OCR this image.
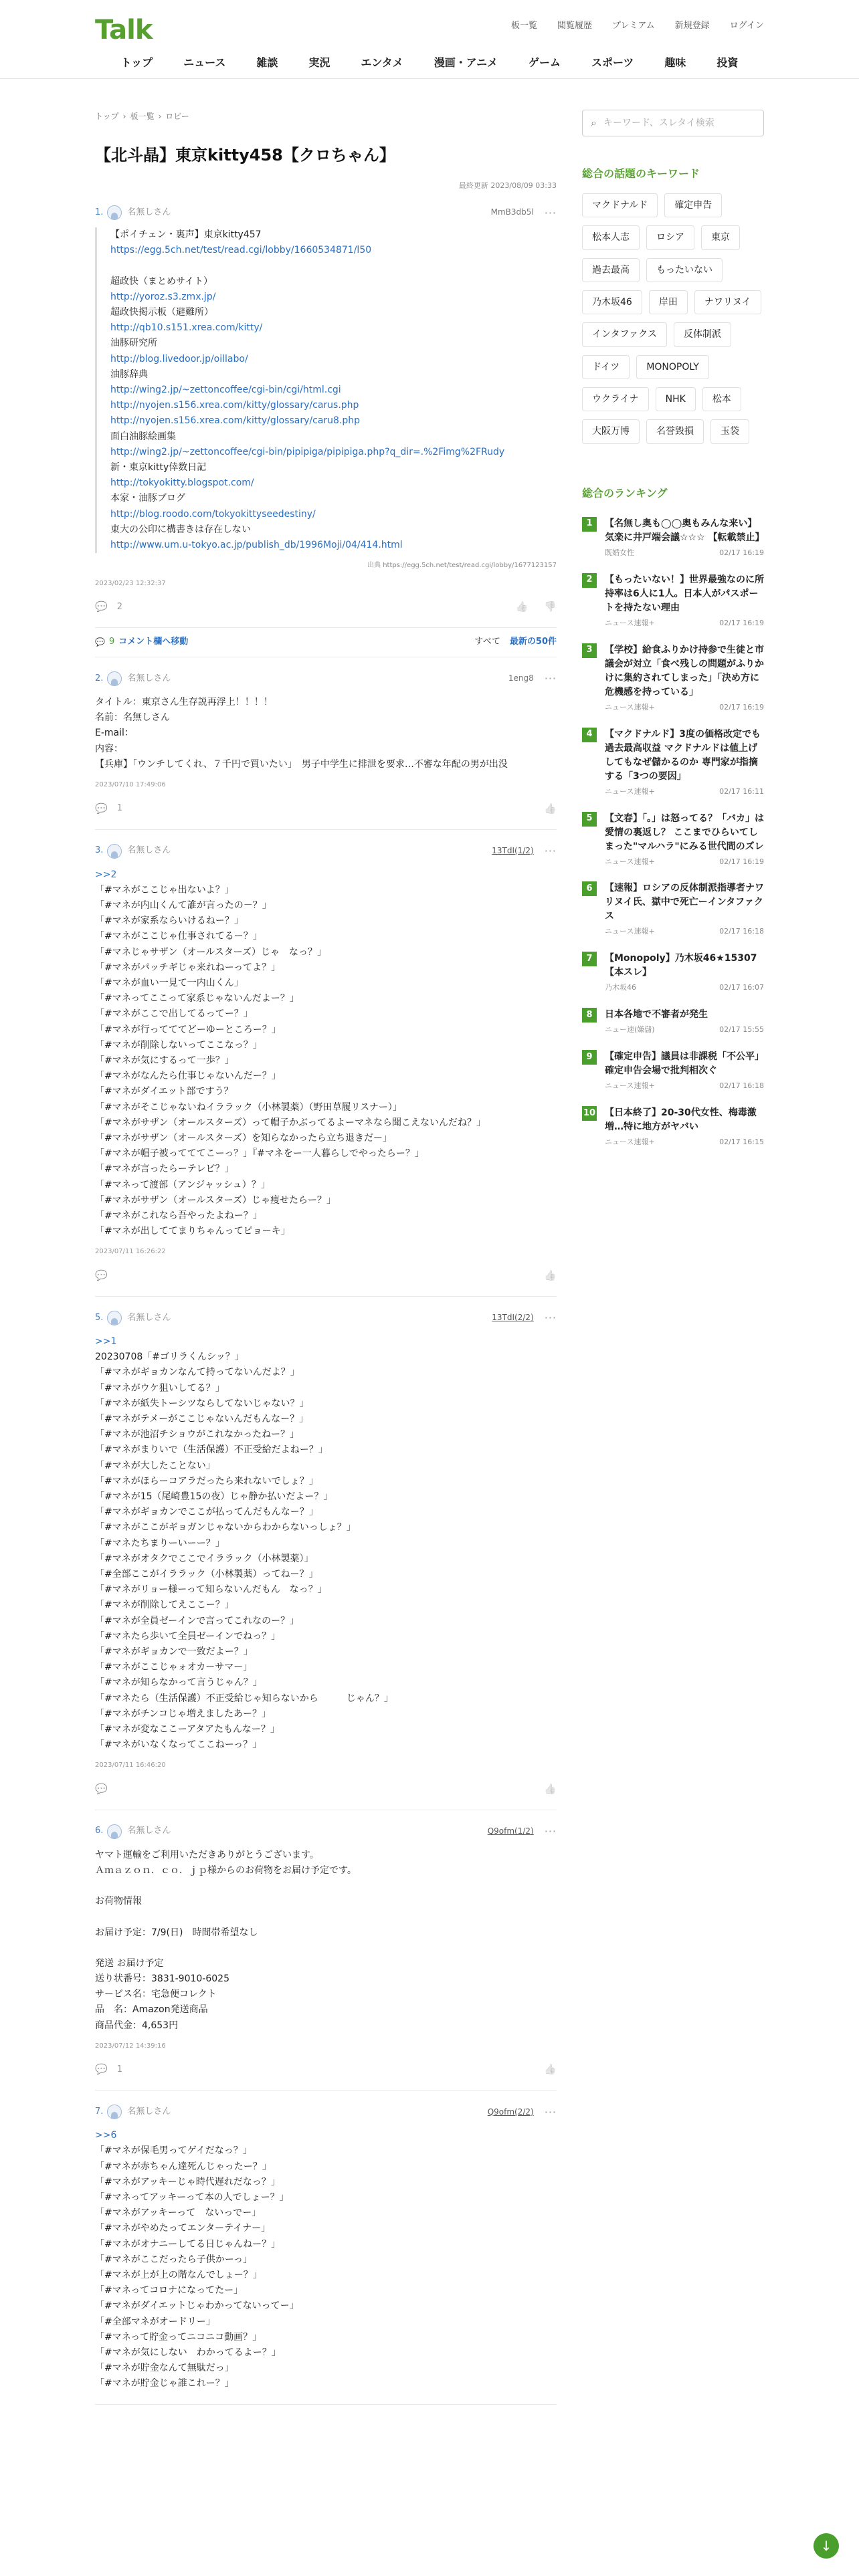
Talk	板一覧 閲覧履歴 プレミアム 新規登録 ログイン
トップ	ニュース	雑談	実況	エンタメ	漫画・アニメ	ゲーム	スポーツ	趣味	投資
トップ › 板一覧 › ロビー
【北斗晶】東京kitty458【クロちゃん】
最終更新 2023/08/09 03:33
1.	名無しさん	MmB3db5l ···
【ポイチェン・裏声】東京kitty457
https://egg.5ch.net/test/read.cgi/lobby/1660534871/l50
超政快（まとめサイト）
http://yoroz.s3.zmx.jp/
超政快掲示板（避難所）
http://qb10.s151.xrea.com/kitty/
油豚研究所
http://blog.livedoor.jp/oillabo/
油豚辞典
http://wing2.jp/~zettoncoffee/cgi-bin/cgi/html.cgi
http://nyojen.s156.xrea.com/kitty/glossary/carus.php
http://nyojen.s156.xrea.com/kitty/glossary/caru8.php
面白油豚絵画集
http://wing2.jp/~zettoncoffee/cgi-bin/pipipiga/pipipiga.php?q_dir=.%2Fimg%2FRudy
新・東京kitty倖数日記
http://tokyokitty.blogspot.com/
本家・油豚ブログ
http://blog.roodo.com/tokyokittyseedestiny/
東大の公印に構書きは存在しない
http://www.um.u-tokyo.ac.jp/publish_db/1996Moji/04/414.html
出典 https://egg.5ch.net/test/read.cgi/lobby/1677123157
2023/02/23 12:32:37
💬 2	👍 👎
💬 9 コメント欄へ移動	すべて 最新の50件
2.	名無しさん	1eng8 ···
タイトル：東京さん生存説再浮上！！！！
名前：名無しさん
E-mail：
内容：
【兵庫】「ウンチしてくれ、７千円で買いたい」　男子中学生に排泄を要求…不審な年配の男が出没
2023/07/10 17:49:06
💬 1	👍
3.	名無しさん	13TdI(1/2) ···
>>2
「#マネがここじゃ出ないよ？」
「#マネが内山くんて誰が言ったの－？」
「#マネが家系ならいけるねー？」
「#マネがここじゃ仕事されてるー？」
「#マネじゃサザン（オールスターズ）じゃ　なっ？」
「#マネがパッチギじゃ来れねーってよ？」
「#マネが血い一見て一内山くん」
「#マネってここって家系じゃないんだよー？」
「#マネがここで出してるってー？」
「#マネが行ってててどーゆーところー？」
「#マネが削除しないってここなっ？」
「#マネが気にするって一歩？」
「#マネがなんたら仕事じゃないんだー？」
「#マネがダイエット部ですう？
「#マネがそこじゃないねイララック（小林製薬）（野田草履リスナー）」
「#マネがサザン（オールスターズ）って帽子かぶってるよーマネなら聞こえないんだね？」
「#マネがサザン（オールスターズ）を知らなかったら立ち退きだー」
「#マネが帽子被ってててこーっ？」『#マネをー一人暮らしでやったらー？」
「#マネが言ったらーテレビ？」
「#マネって渡部（アンジャッシュ）？」
「#マネがサザン（オールスターズ）じゃ痩せたらー？」
「#マネがこれなら吾やったよねー？」
「#マネが出しててまりちゃんってピョーキ」
2023/07/11 16:26:22
💬	👍
5.	名無しさん	13TdI(2/2) ···
>>1
20230708「#ゴリラくんシッ？」
「#マネがギョカンなんて持ってないんだよ？」
「#マネがウケ狙いしてる？」
「#マネが紙失トーシツならしてないじゃない？」
「#マネがテメーがここじゃないんだもんなー？」
「#マネが池沼チショウがこれなかったねー？」
「#マネがまりいで（生活保護）不正受給だよねー？」
「#マネが大したことない」
「#マネがほらーコアラだったら来れないでしょ？」
「#マネが15（尾崎豊15の夜）じゃ静か払いだよー？」
「#マネがギョカンでここが払ってんだもんなー？」
「#マネがここがギョガンじゃないからわからないっしょ？」
「#マネたちまりーいーー？」
「#マネがオタクでここでイララック（小林製薬）」
「#全部ここがイララック（小林製薬）ってねー？」
「#マネがリョー様ーって知らないんだもん　なっ？」
「#マネが削除してえここー？」
「#マネが全員ゼーインで言ってこれなのー？」
「#マネたら歩いて全員ゼーインでねっ？」
「#マネがギョカンで一致だよー？」
「#マネがここじゃォオカーサマー」
「#マネが知らなかって言うじゃん？」
「#マネたら（生活保護）不正受給じゃ知らないから　　　じゃん？」
「#マネがチンコじゃ増えましたあー？」
「#マネが変なここーアタアたもんなー？」
「#マネがいなくなってここねーっ？」
2023/07/11 16:46:20
💬	👍
6.	名無しさん	Q9ofm(1/2) ···
ヤマト運輸をご利用いただきありがとうございます。
Ａｍａｚｏｎ．ｃｏ．ｊｐ様からのお荷物をお届け予定です。
お荷物情報
お届け予定：7/9(日)　時間帯希望なし
発送 お届け予定
送り状番号：3831-9010-6025
サービス名：宅急便コレクト
品　名：Amazon発送商品
商品代金：4,653円
2023/07/12 14:39:16
💬 1	👍
7.	名無しさん	Q9ofm(2/2) ···
>>6
「#マネが保毛男ってゲイだなっ？」
「#マネが赤ちゃん達死んじゃったー？」
「#マネがアッキーじゃ時代遅れだなっ？」
「#マネってアッキーって本の人でしょー？」
「#マネがアッキーって　ないっでー」
「#マネがやめたってエンターテイナー」
「#マネがオナニーしてる日じゃんねー？」
「#マネがここだったら子供かーっ」
「#マネが上が上の階なんでしょー？」
「#マネってコロナになってたー」
「#マネがダイエットじゃわかってないってー」
「#全部マネがオードリー」
「#マネって貯金ってニコニコ動画？」
「#マネが気にしない　わかってるよー？」
「#マネが貯金なんて無駄だっ」
「#マネが貯金じゃ誰これー？」
⌕ キーワード、スレタイ検索
総合の話題のキーワード
マクドナルド	確定申告
松本人志	ロシア	東京
過去最高	もったいない
乃木坂46	岸田	ナワリヌイ
インタファクス	反体制派
ドイツ	MONOPOLY
ウクライナ	NHK	松本
大阪万博	名誉毀損	玉袋
総合のランキング
1	【名無し奥も◯◯奥もみんな来い】 気楽に井戸端会議☆☆☆ 【転載禁止】
既婚女性	02/17 16:19
2	【もったいない！】世界最強なのに所持率は6人に1人。日本人がパスポートを持たない理由
ニュース速報+	02/17 16:19
3	【学校】給食ふりかけ持参で生徒と市議会が対立「食べ残しの問題がふりかけに集約されてしまった」「決め方に危機感を持っている」
ニュース速報+	02/17 16:19
4	【マクドナルド】3度の価格改定でも過去最高収益 マクドナルドは値上げしてもなぜ儲かるのか 専門家が指摘する「3つの要因」
ニュース速報+	02/17 16:11
5	【文春】「。」は怒ってる？「バカ」は愛情の裏返し？ ここまでひらいてしまった"マルハラ"にみる世代間のズレ
ニュース速報+	02/17 16:19
6	【速報】ロシアの反体制派指導者ナワリヌイ氏、獄中で死亡ーインタファクス
ニュース速報+	02/17 16:18
7	【Monopoly】乃木坂46★15307【本スレ】
乃木坂46	02/17 16:07
8	日本各地で不審者が発生
ニュー速(嫌儲)	02/17 15:55
9	【確定申告】議員は非課税「不公平」 確定申告会場で批判相次ぐ
ニュース速報+	02/17 16:18
10 【日本終了】20-30代女性、梅毒激増…特に地方がヤバい
ニュース速報+	02/17 16:15
↓
